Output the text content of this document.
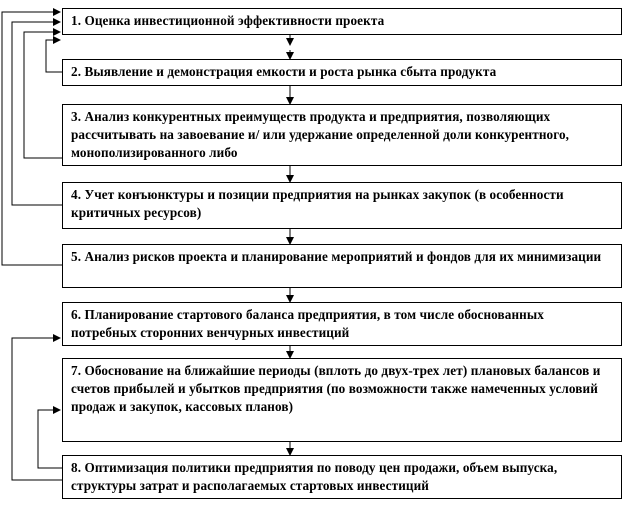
1. Оценка инвестиционной эффективности проекта
2. Выявление и демонстрация емкости и роста рынка сбыта продукта
3. Анализ конкурентных преимуществ продукта и предприятия, позволяющих рассчитывать на завоевание и/ или удержание определенной доли конкурентного, монополизированного либо
4. Учет конъюнктуры и позиции предприятия на рынках закупок (в особенности критичных ресурсов)
5. Анализ рисков проекта и планирование мероприятий и фондов для их минимизации
6. Планирование стартового баланса предприятия, в том числе обоснованных потребных сторонних венчурных инвестиций
7. Обоснование на ближайшие периоды (вплоть до двух-трех лет) плановых балансов и счетов прибылей и убытков предприятия (по возможности также намеченных условий продаж и закупок, кассовых планов)
8. Оптимизация политики предприятия по поводу цен продажи, объем выпуска, структуры затрат и располагаемых стартовых инвестиций
